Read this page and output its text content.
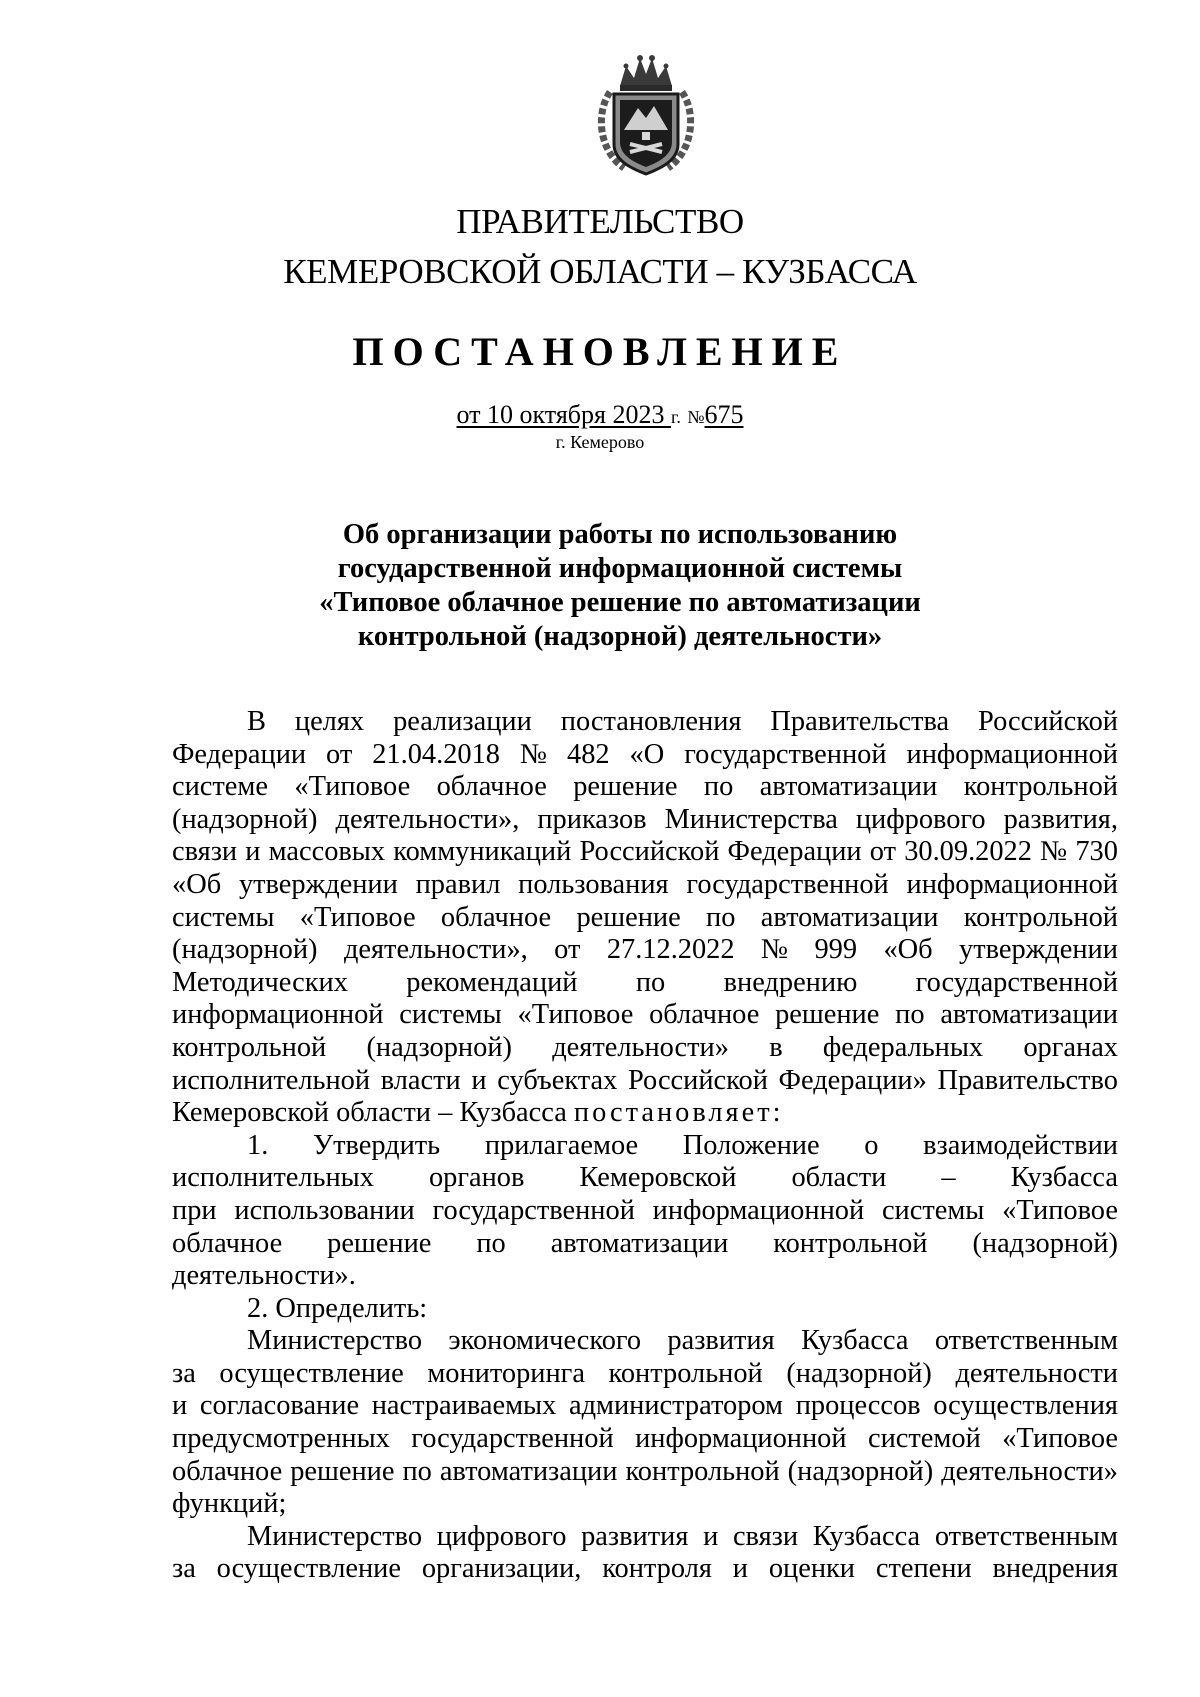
ПРАВИТЕЛЬСТВО
КЕМЕРОВСКОЙ ОБЛАСТИ – КУЗБАССА
ПОСТАНОВЛЕНИЕ
от 10 октября 2023 г. №675
г. Кемерово
Об организации работы по использованию
государственной информационной системы
«Типовое облачное решение по автоматизации
контрольной (надзорной) деятельности»
В целях реализации постановления Правительства Российской
Федерации от 21.04.2018 № 482 «О государственной информационной
системе «Типовое облачное решение по автоматизации контрольной
(надзорной) деятельности», приказов Министерства цифрового развития,
связи и массовых коммуникаций Российской Федерации от 30.09.2022 № 730
«Об утверждении правил пользования государственной информационной
системы «Типовое облачное решение по автоматизации контрольной
(надзорной) деятельности», от 27.12.2022 № 999 «Об утверждении
Методических рекомендаций по внедрению государственной
информационной системы «Типовое облачное решение по автоматизации
контрольной (надзорной) деятельности» в федеральных органах
исполнительной власти и субъектах Российской Федерации» Правительство
Кемеровской области – Кузбасса постановляет:
1. Утвердить прилагаемое Положение о взаимодействии
исполнительных органов Кемеровской области – Кузбасса
при использовании государственной информационной системы «Типовое
облачное решение по автоматизации контрольной (надзорной)
деятельности».
2. Определить:
Министерство экономического развития Кузбасса ответственным
за осуществление мониторинга контрольной (надзорной) деятельности
и согласование настраиваемых администратором процессов осуществления
предусмотренных государственной информационной системой «Типовое
облачное решение по автоматизации контрольной (надзорной) деятельности»
функций;
Министерство цифрового развития и связи Кузбасса ответственным
за осуществление организации, контроля и оценки степени внедрения
